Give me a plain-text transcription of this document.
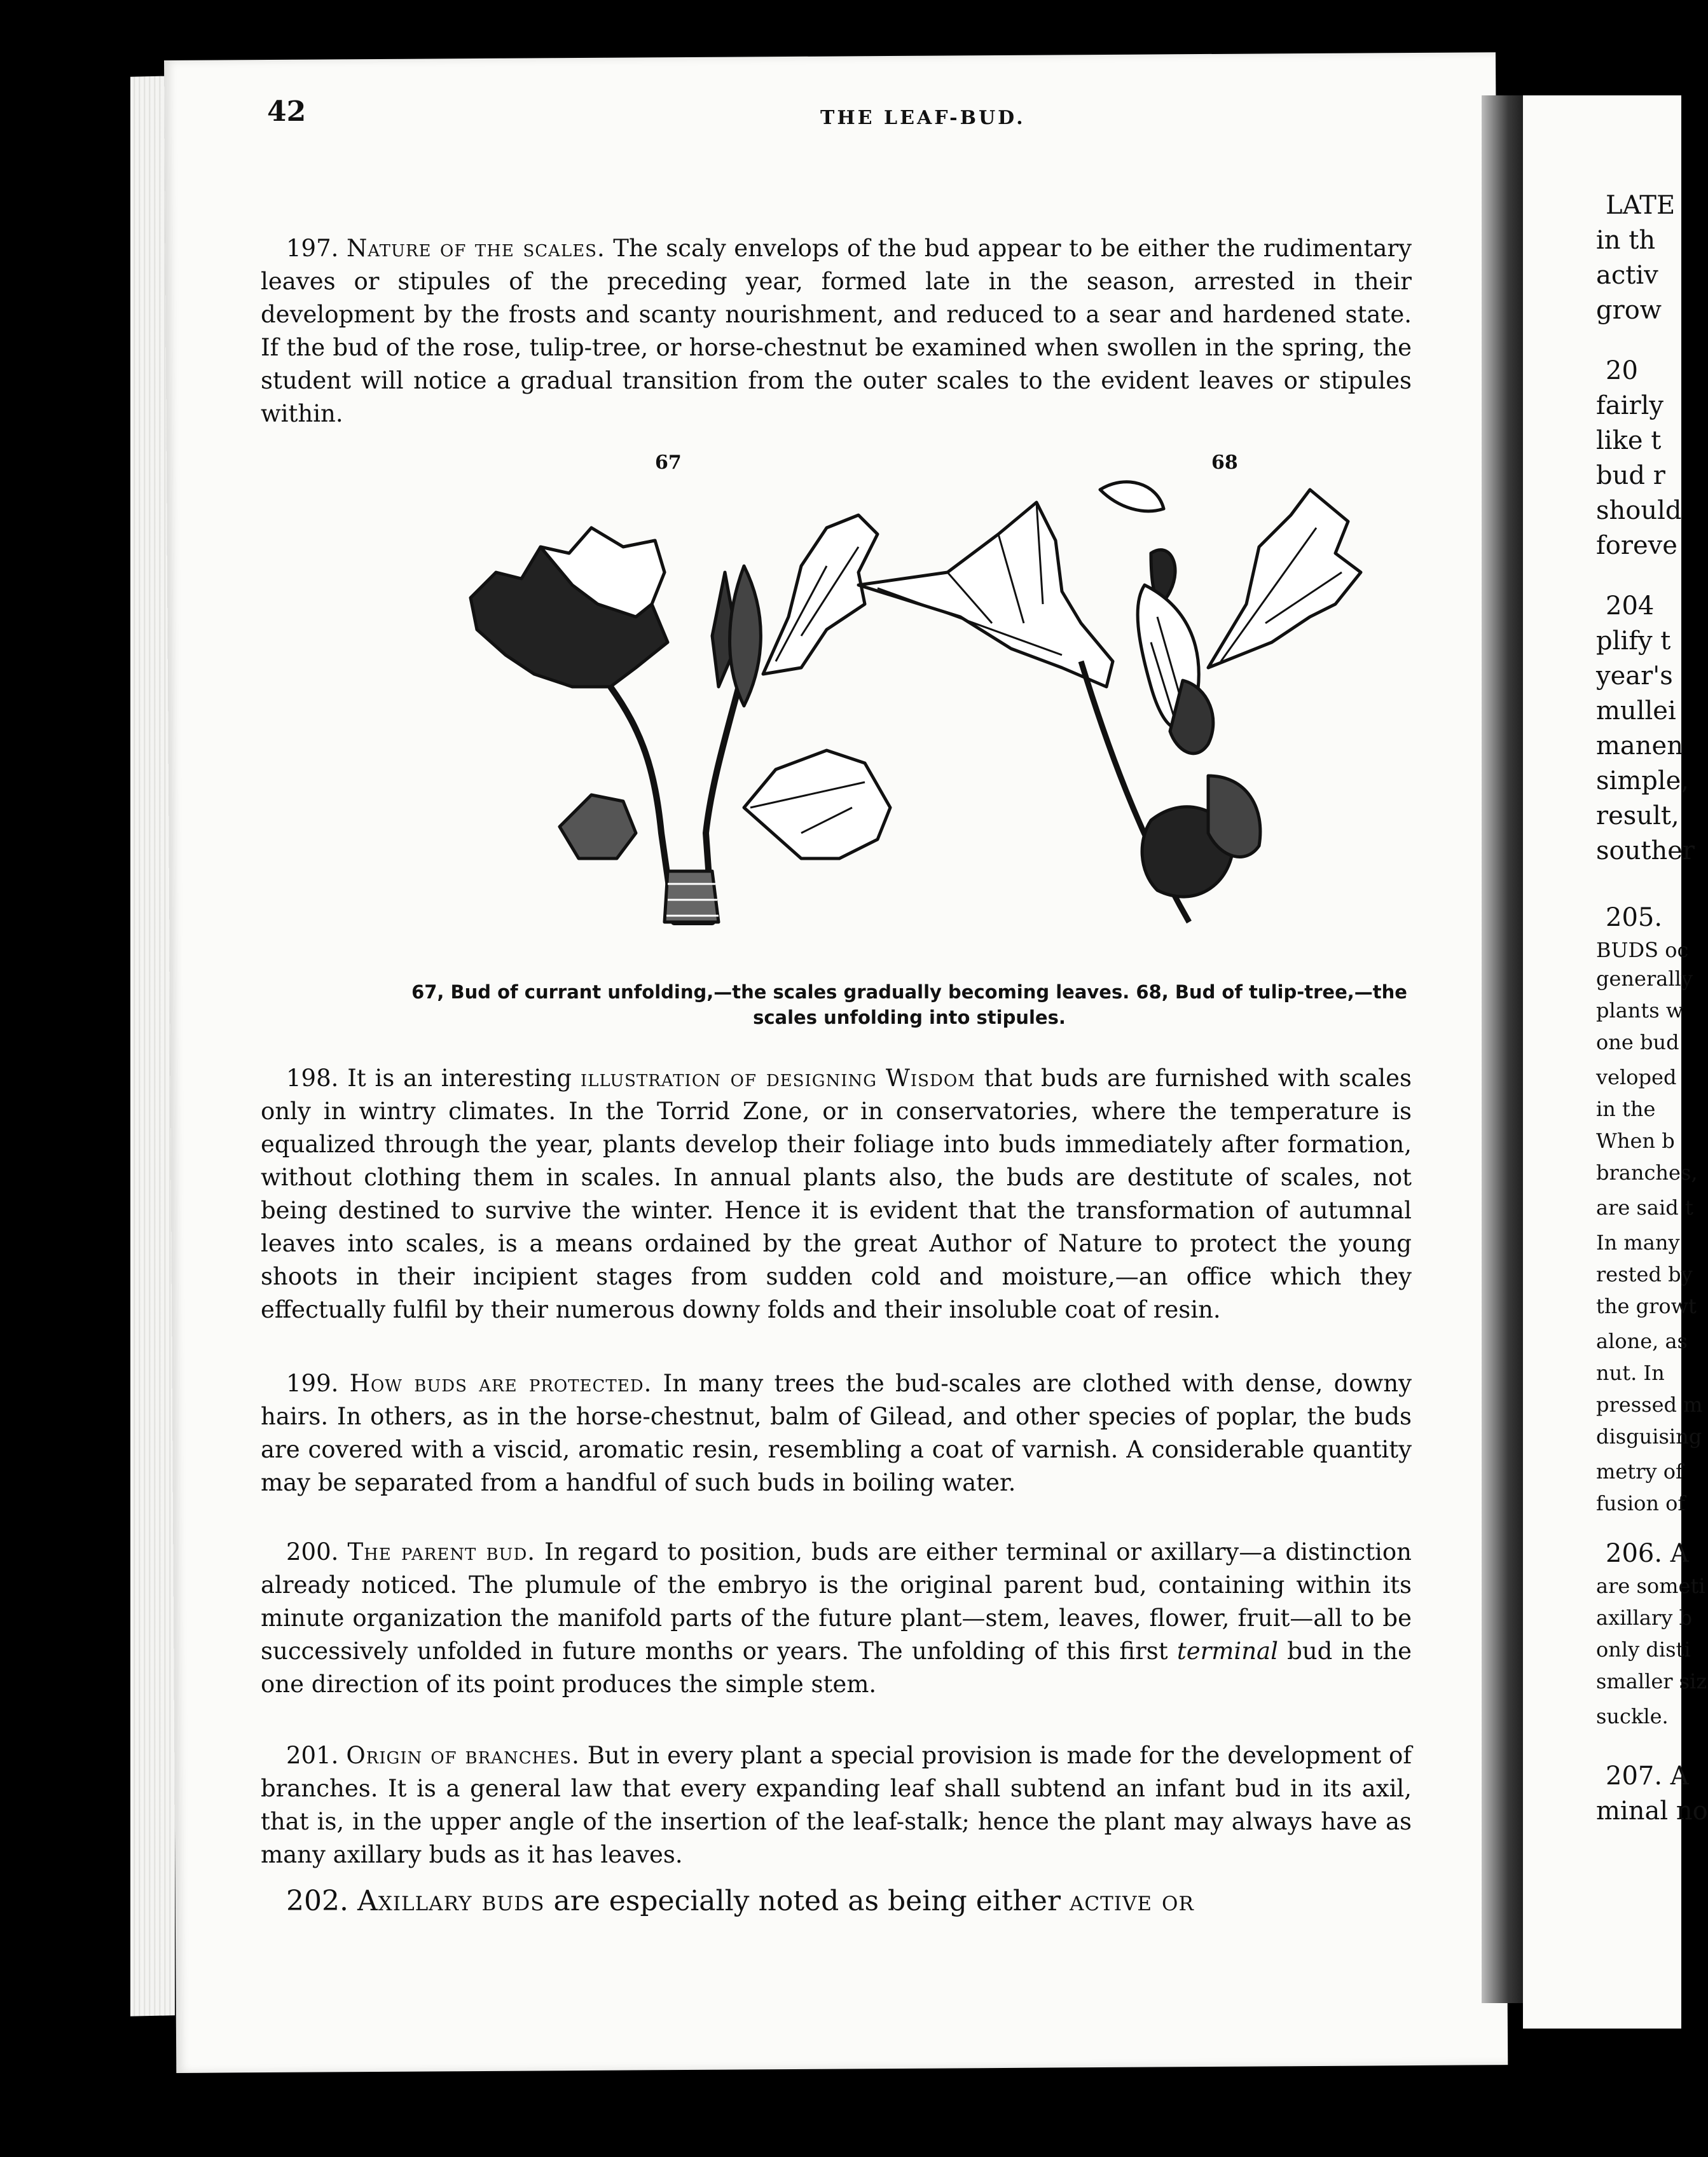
LATE
in th
activ
grow
20
fairly
like t
bud r
should
foreve
204
plify t
year's
mullei
manen
simple,
result,
souther
205.
BUDS oc
generally
plants w
one bud
veloped
in the
When b
branches,
are said t
In many
rested by
the growt
alone, as
nut. In
pressed m
disguising
metry of
fusion of
206. A
are someti
axillary b
only disti
smaller siz
suckle.
207. A
minal no
42	THE LEAF-BUD.

197. Nature of the scales. The scaly envelops of the bud appear to be either the rudimentary leaves or stipules of the preceding year, formed late in the season, arrested in their development by the frosts and scanty nourishment, and reduced to a sear and hardened state. If the bud of the rose, tulip-tree, or horse-chestnut be examined when swollen in the spring, the student will notice a gradual transition from the outer scales to the evident leaves or stipules within.

67	68
67, Bud of currant unfolding,—the scales gradually becoming leaves. 68, Bud of tulip-tree,—the
scales unfolding into stipules.

198. It is an interesting illustration of designing Wisdom that buds are furnished with scales only in wintry climates. In the Torrid Zone, or in conservatories, where the temperature is equalized through the year, plants develop their foliage into buds immediately after formation, without clothing them in scales. In annual plants also, the buds are destitute of scales, not being destined to survive the winter. Hence it is evident that the transformation of autumnal leaves into scales, is a means ordained by the great Author of Nature to protect the young shoots in their incipient stages from sudden cold and moisture,—an office which they effectually fulfil by their numerous downy folds and their insoluble coat of resin.

199. How buds are protected. In many trees the bud-scales are clothed with dense, downy hairs. In others, as in the horse-chestnut, balm of Gilead, and other species of poplar, the buds are covered with a viscid, aromatic resin, resembling a coat of varnish. A considerable quantity may be separated from a handful of such buds in boiling water.

200. The parent bud. In regard to position, buds are either terminal or axillary—a distinction already noticed. The plumule of the embryo is the original parent bud, containing within its minute organization the manifold parts of the future plant—stem, leaves, flower, fruit—all to be successively unfolded in future months or years. The unfolding of this first terminal bud in the one direction of its point produces the simple stem.

201. Origin of branches. But in every plant a special provision is made for the development of branches. It is a general law that every expanding leaf shall subtend an infant bud in its axil, that is, in the upper angle of the insertion of the leaf-stalk; hence the plant may always have as many axillary buds as it has leaves.

202. Axillary buds are especially noted as being either active or
